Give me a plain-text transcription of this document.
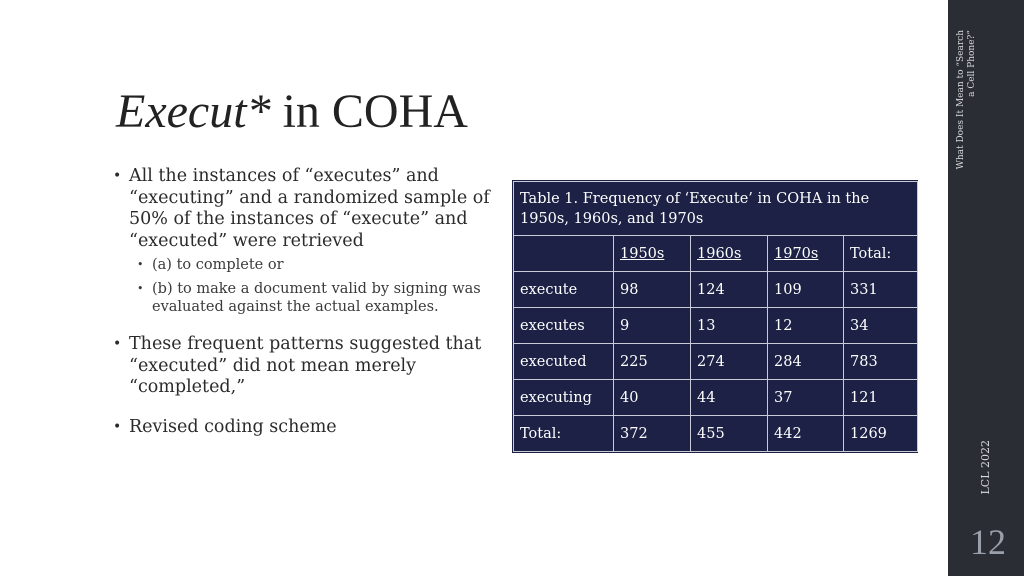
Execut* in COHA
• All the instances of “executes” and “executing” and a randomized sample of 50% of the instances of “execute” and “executed” were retrieved
• (a) to complete or
• (b) to make a document valid by signing was evaluated against the actual examples.
• These frequent patterns suggested that “executed” did not mean merely “completed,”
• Revised coding scheme
Table 1. Frequency of ‘Execute’ in COHA in the 1950s, 1960s, and 1970s				
	1950s	1960s	1970s	Total:
execute	98	124	109	331
executes	9	13	12	34
executed	225	274	284	783
executing	40	44	37	121
Total:	372	455	442	1269
What Does It Mean to “Search a Cell Phone?”
LCL 2022
12
